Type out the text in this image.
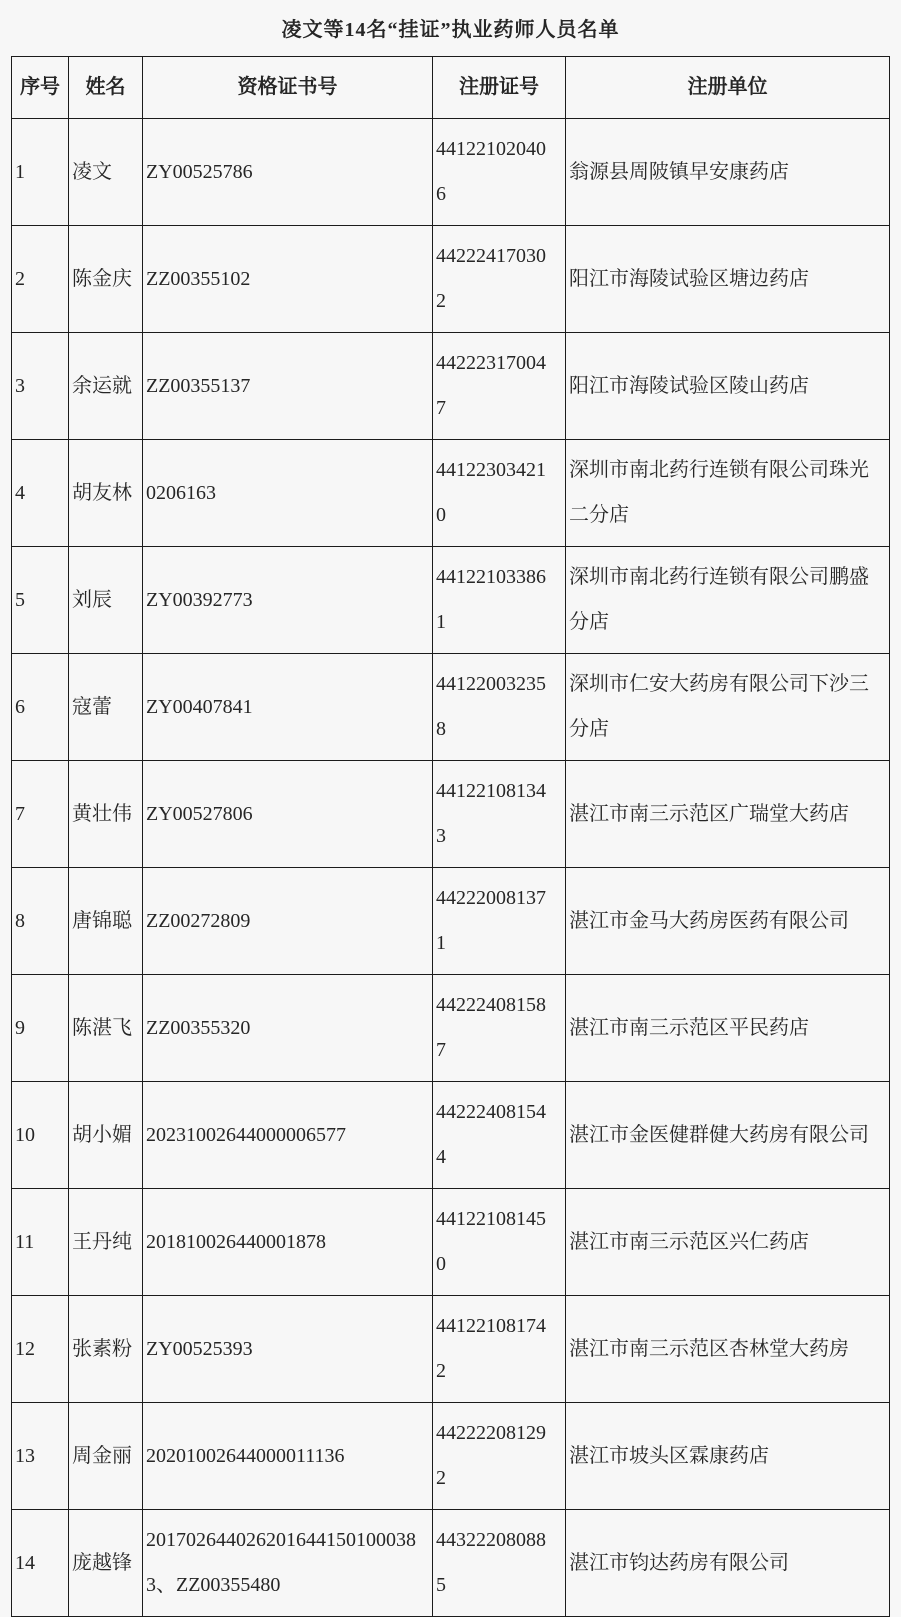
凌文等14名“挂证”执业药师人员名单
序号	姓名	资格证书号	注册证号	注册单位
1	凌文	ZY00525786	441221020406	翁源县周陂镇早安康药店
2	陈金庆	ZZ00355102	442224170302	阳江市海陵试验区塘边药店
3	余运就	ZZ00355137	442223170047	阳江市海陵试验区陵山药店
4	胡友林	0206163	441223034210	深圳市南北药行连锁有限公司珠光二分店
5	刘辰	ZY00392773	441221033861	深圳市南北药行连锁有限公司鹏盛分店
6	寇蕾	ZY00407841	441220032358	深圳市仁安大药房有限公司下沙三分店
7	黄壮伟	ZY00527806	441221081343	湛江市南三示范区广瑞堂大药店
8	唐锦聪	ZZ00272809	442220081371	湛江市金马大药房医药有限公司
9	陈湛飞	ZZ00355320	442224081587	湛江市南三示范区平民药店
10	胡小媚	20231002644000006577	442224081544	湛江市金医健群健大药房有限公司
11	王丹纯	201810026440001878	441221081450	湛江市南三示范区兴仁药店
12	张素粉	ZY00525393	441221081742	湛江市南三示范区杏林堂大药房
13	周金丽	20201002644000011136	442222081292	湛江市坡头区霖康药店
14	庞越锋	2017026440262016441501000383、ZZ00355480	443222080885	湛江市钧达药房有限公司
